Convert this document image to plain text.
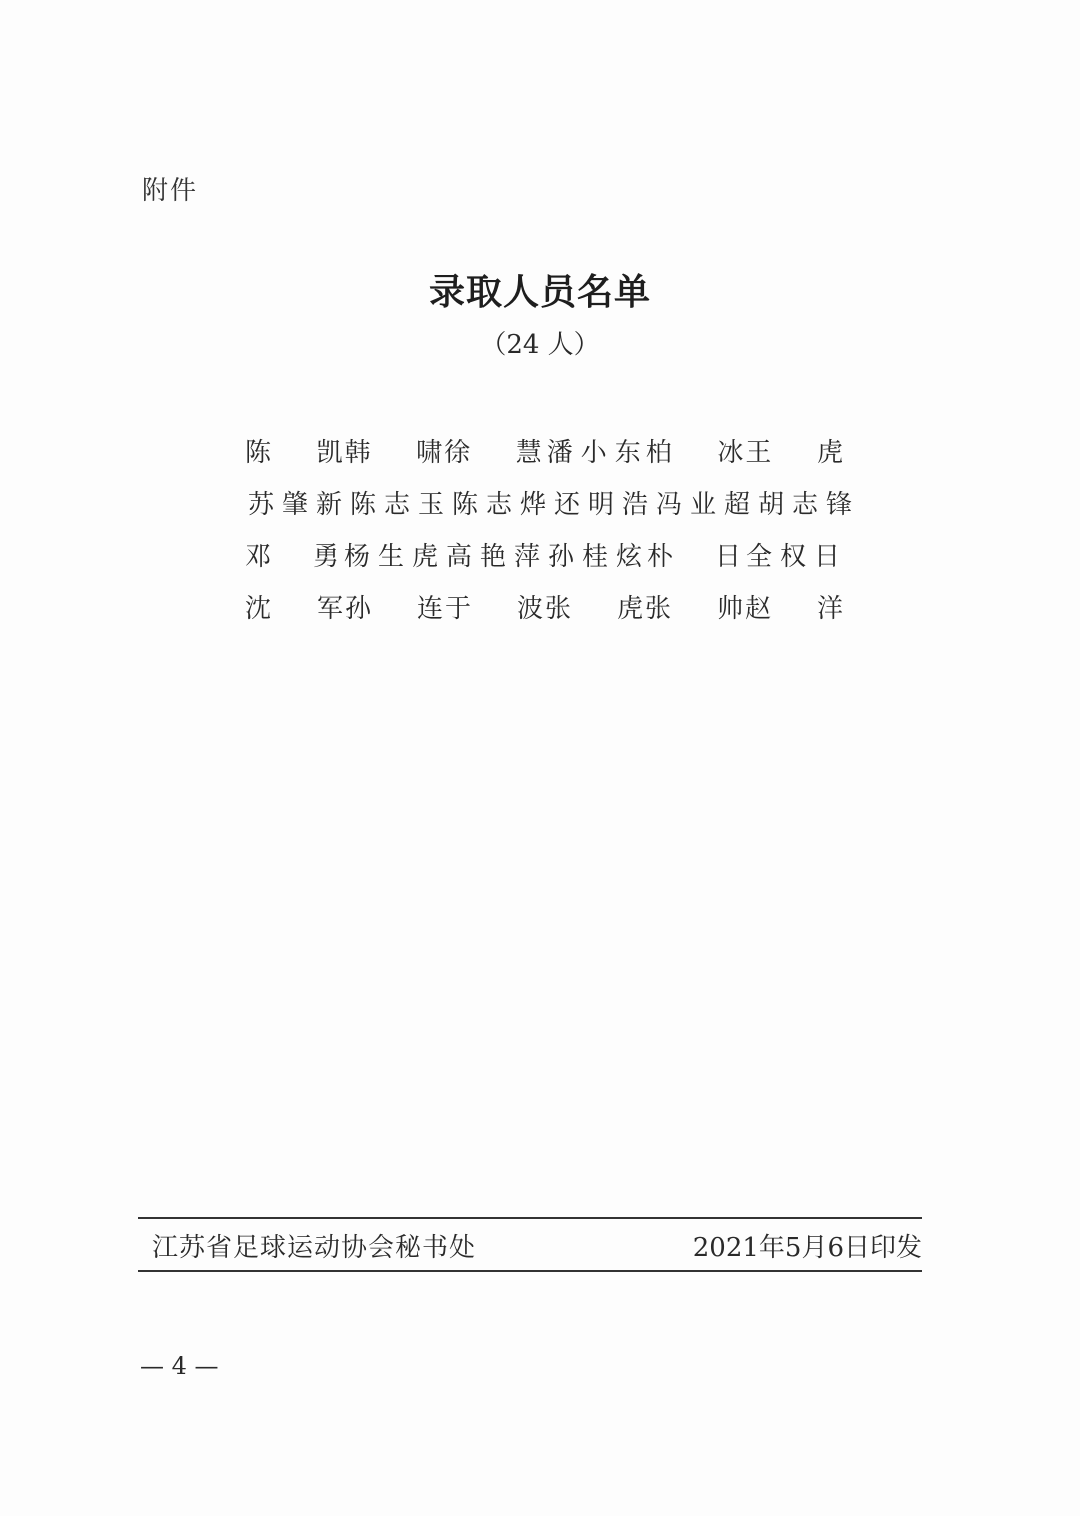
附件
录取人员名单
（24 人）
陈 凯 韩 啸 徐 慧 潘 小 东 柏 冰 王 虎
苏 肇 新 陈 志 玉 陈 志 烨 还 明 浩 冯 业 超 胡 志 锋
邓 勇 杨 生 虎 高 艳 萍 孙 桂 炫 朴 日 全 权 日
沈 军 孙 连 于 波 张 虎 张 帅 赵 洋
江苏省足球运动协会秘书处	2021年5月6日印发
— 4 —
